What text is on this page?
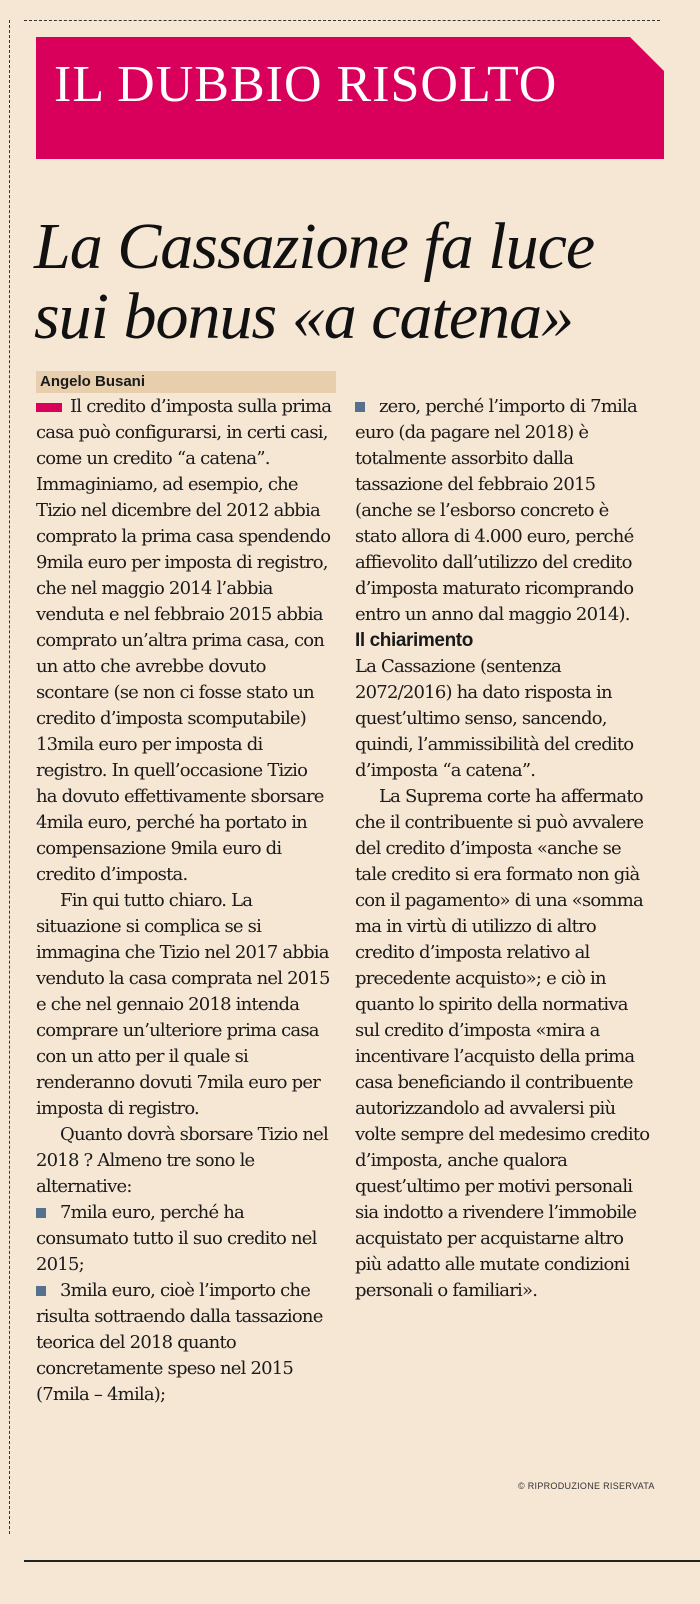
IL DUBBIO RISOLTO
La Cassazione fa luce
sui bonus «a catena»
Angelo Busani

Il credito d’imposta sulla prima casa può configurarsi, in certi casi, come un credito “a catena”. Immaginiamo, ad esempio, che Tizio nel dicembre del 2012 abbia comprato la prima casa spendendo 9mila euro per imposta di registro, che nel maggio 2014 l’abbia venduta e nel febbraio 2015 abbia comprato un’altra prima casa, con un atto che avrebbe dovuto scontare (se non ci fosse stato un credito d’imposta scomputabile) 13mila euro per imposta di registro. In quell’occasione Tizio ha dovuto effettivamente sborsare 4mila euro, perché ha portato in compensazione 9mila euro di credito d’imposta.

Fin qui tutto chiaro. La situazione si complica se si immagina che Tizio nel 2017 abbia venduto la casa comprata nel 2015 e che nel gennaio 2018 intenda comprare un’ulteriore prima casa con un atto per il quale si renderanno dovuti 7mila euro per imposta di registro.

Quanto dovrà sborsare Tizio nel 2018 ? Almeno tre sono le alternative:

7mila euro, perché ha consumato tutto il suo credito nel 2015;

3mila euro, cioè l’importo che risulta sottraendo dalla tassazione teorica del 2018 quanto concretamente speso nel 2015 (7mila – 4mila);

zero, perché l’importo di 7mila euro (da pagare nel 2018) è totalmente assorbito dalla tassazione del febbraio 2015 (anche se l’esborso concreto è stato allora di 4.000 euro, perché affievolito dall’utilizzo del credito d’imposta maturato ricomprando entro un anno dal maggio 2014).

Il chiarimento

La Cassazione (sentenza 2072/2016) ha dato risposta in quest’ultimo senso, sancendo, quindi, l’ammissibilità del credito d’imposta “a catena”.

La Suprema corte ha affermato che il contribuente si può avvalere del credito d’imposta «anche se tale credito si era formato non già con il pagamento» di una «somma ma in virtù di utilizzo di altro credito d’imposta relativo al precedente acquisto»; e ciò in quanto lo spirito della normativa sul credito d’imposta «mira a incentivare l’acquisto della prima casa beneficiando il contribuente autorizzandolo ad avvalersi più volte sempre del medesimo credito d’imposta, anche qualora quest’ultimo per motivi personali sia indotto a rivendere l’immobile acquistato per acquistarne altro più adatto alle mutate condizioni personali o familiari».

© RIPRODUZIONE RISERVATA
